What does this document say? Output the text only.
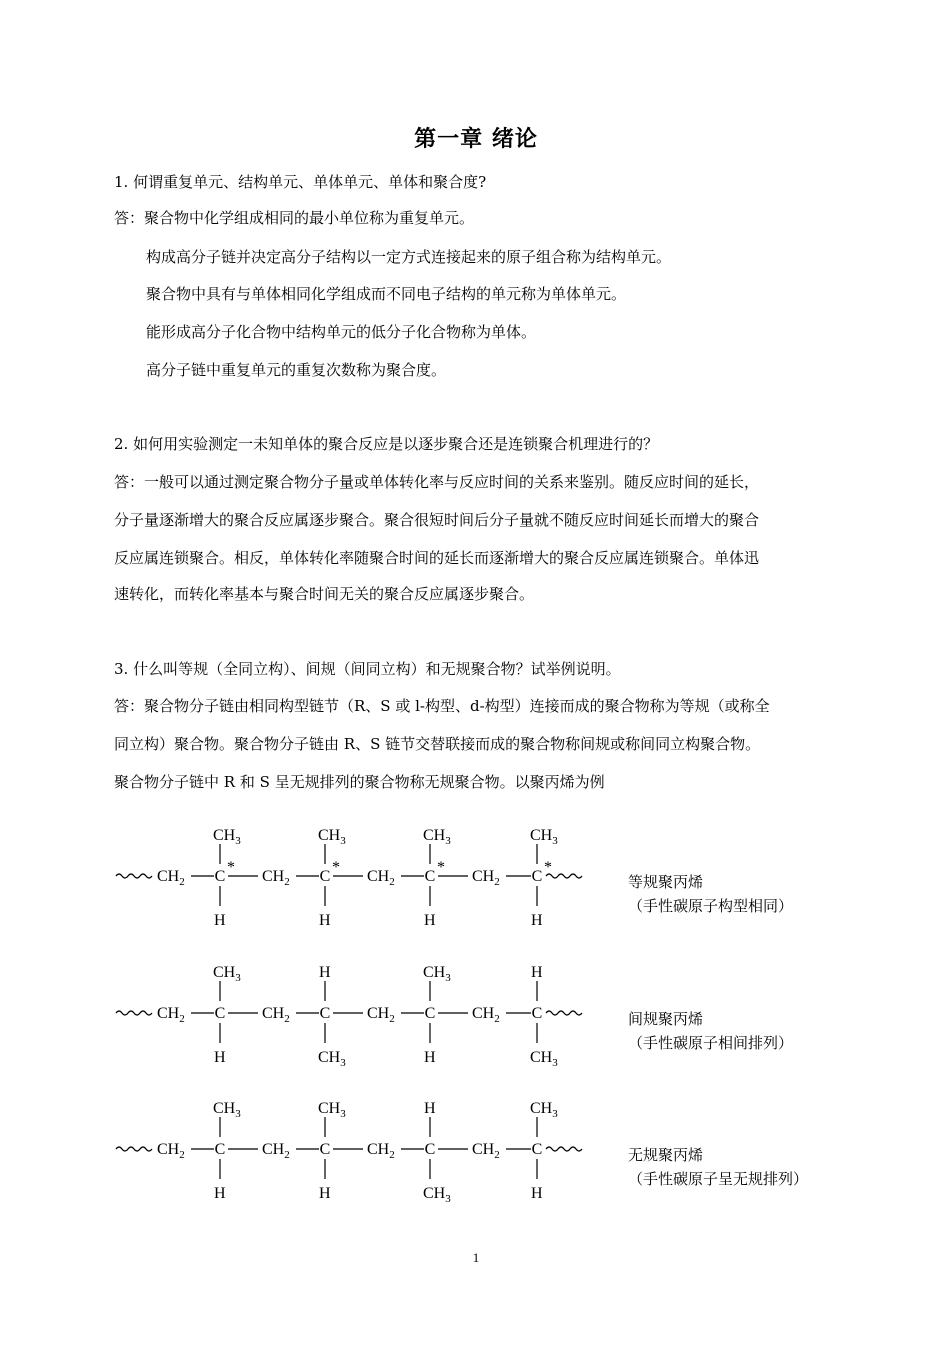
第一章 绪论
1. 何谓重复单元、结构单元、单体单元、单体和聚合度?
答：聚合物中化学组成相同的最小单位称为重复单元。
构成高分子链并决定高分子结构以一定方式连接起来的原子组合称为结构单元。
聚合物中具有与单体相同化学组成而不同电子结构的单元称为单体单元。
能形成高分子化合物中结构单元的低分子化合物称为单体。
高分子链中重复单元的重复次数称为聚合度。
2. 如何用实验测定一未知单体的聚合反应是以逐步聚合还是连锁聚合机理进行的？
答：一般可以通过测定聚合物分子量或单体转化率与反应时间的关系来鉴别。随反应时间的延长，
分子量逐渐增大的聚合反应属逐步聚合。聚合很短时间后分子量就不随反应时间延长而增大的聚合
反应属连锁聚合。相反，单体转化率随聚合时间的延长而逐渐增大的聚合反应属连锁聚合。单体迅
速转化，而转化率基本与聚合时间无关的聚合反应属逐步聚合。
3. 什么叫等规（全同立构）、间规（间同立构）和无规聚合物？试举例说明。
答：聚合物分子链由相同构型链节（R、S 或 l-构型、d-构型）连接而成的聚合物称为等规（或称全
同立构）聚合物。聚合物分子链由 R、S 链节交替联接而成的聚合物称间规或称间同立构聚合物。
聚合物分子链中 R 和 S 呈无规排列的聚合物称无规聚合物。以聚丙烯为例
$CH_2$ C
*
$CH_3$
H
$CH_2$ C
*
$CH_3$
H
$CH_2$ C
*
$CH_3$
H
$CH_2$ C
*
$CH_3$
H
等规聚丙烯
（手性碳原子构型相同）
$CH_2$ C
$CH_3$
H
$CH_2$ C
H
$CH_3$
$CH_2$ C
$CH_3$
H
$CH_2$ C
H
$CH_3$
间规聚丙烯
（手性碳原子相间排列）
$CH_2$ C
$CH_3$
H
$CH_2$ C
$CH_3$
H
$CH_2$ C
H
$CH_3$
$CH_2$ C
$CH_3$
H
无规聚丙烯
（手性碳原子呈无规排列）
1
